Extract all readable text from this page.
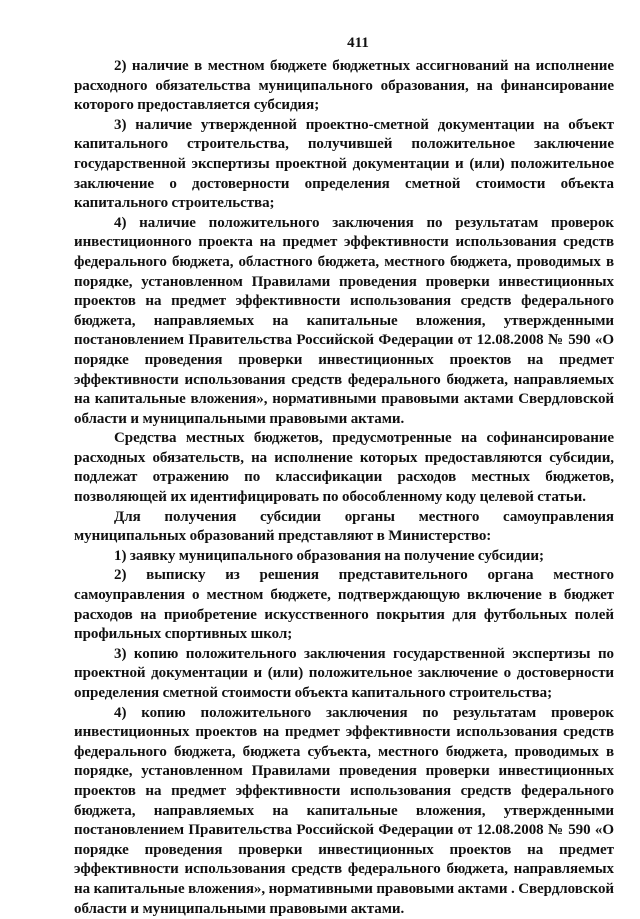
411

2) наличие в местном бюджете бюджетных ассигнований на исполнение расходного обязательства муниципального образования, на финансирование которого предоставляется субсидия;

3) наличие утвержденной проектно-сметной документации на объект капитального строительства, получившей положительное заключение государственной экспертизы проектной документации и (или) положительное заключение о достоверности определения сметной стоимости объекта капитального строительства;

4) наличие положительного заключения по результатам проверок инвестиционного проекта на предмет эффективности использования средств федерального бюджета, областного бюджета, местного бюджета, проводимых в порядке, установленном Правилами проведения проверки инвестиционных проектов на предмет эффективности использования средств федерального бюджета, направляемых на капитальные вложения, утвержденными постановлением Правительства Российской Федерации от 12.08.2008 № 590 «О порядке проведения проверки инвестиционных проектов на предмет эффективности использования средств федерального бюджета, направляемых на капитальные вложения», нормативными правовыми актами Свердловской области и муниципальными правовыми актами.

Средства местных бюджетов, предусмотренные на софинансирование расходных обязательств, на исполнение которых предоставляются субсидии, подлежат отражению по классификации расходов местных бюджетов, позволяющей их идентифицировать по обособленному коду целевой статьи.

Для получения субсидии органы местного самоуправления муниципальных образований представляют в Министерство:

1) заявку муниципального образования на получение субсидии;

2) выписку из решения представительного органа местного самоуправления о местном бюджете, подтверждающую включение в бюджет расходов на приобретение искусственного покрытия для футбольных полей профильных спортивных школ;

3) копию положительного заключения государственной экспертизы по проектной документации и (или) положительное заключение о достоверности определения сметной стоимости объекта капитального строительства;

4) копию положительного заключения по результатам проверок инвестиционных проектов на предмет эффективности использования средств федерального бюджета, бюджета субъекта, местного бюджета, проводимых в порядке, установленном Правилами проведения проверки инвестиционных проектов на предмет эффективности использования средств федерального бюджета, направляемых на капитальные вложения, утвержденными постановлением Правительства Российской Федерации от 12.08.2008 № 590 «О порядке проведения проверки инвестиционных проектов на предмет эффективности использования средств федерального бюджета, направляемых на капитальные вложения», нормативными правовыми актами . Свердловской области и муниципальными правовыми актами.
